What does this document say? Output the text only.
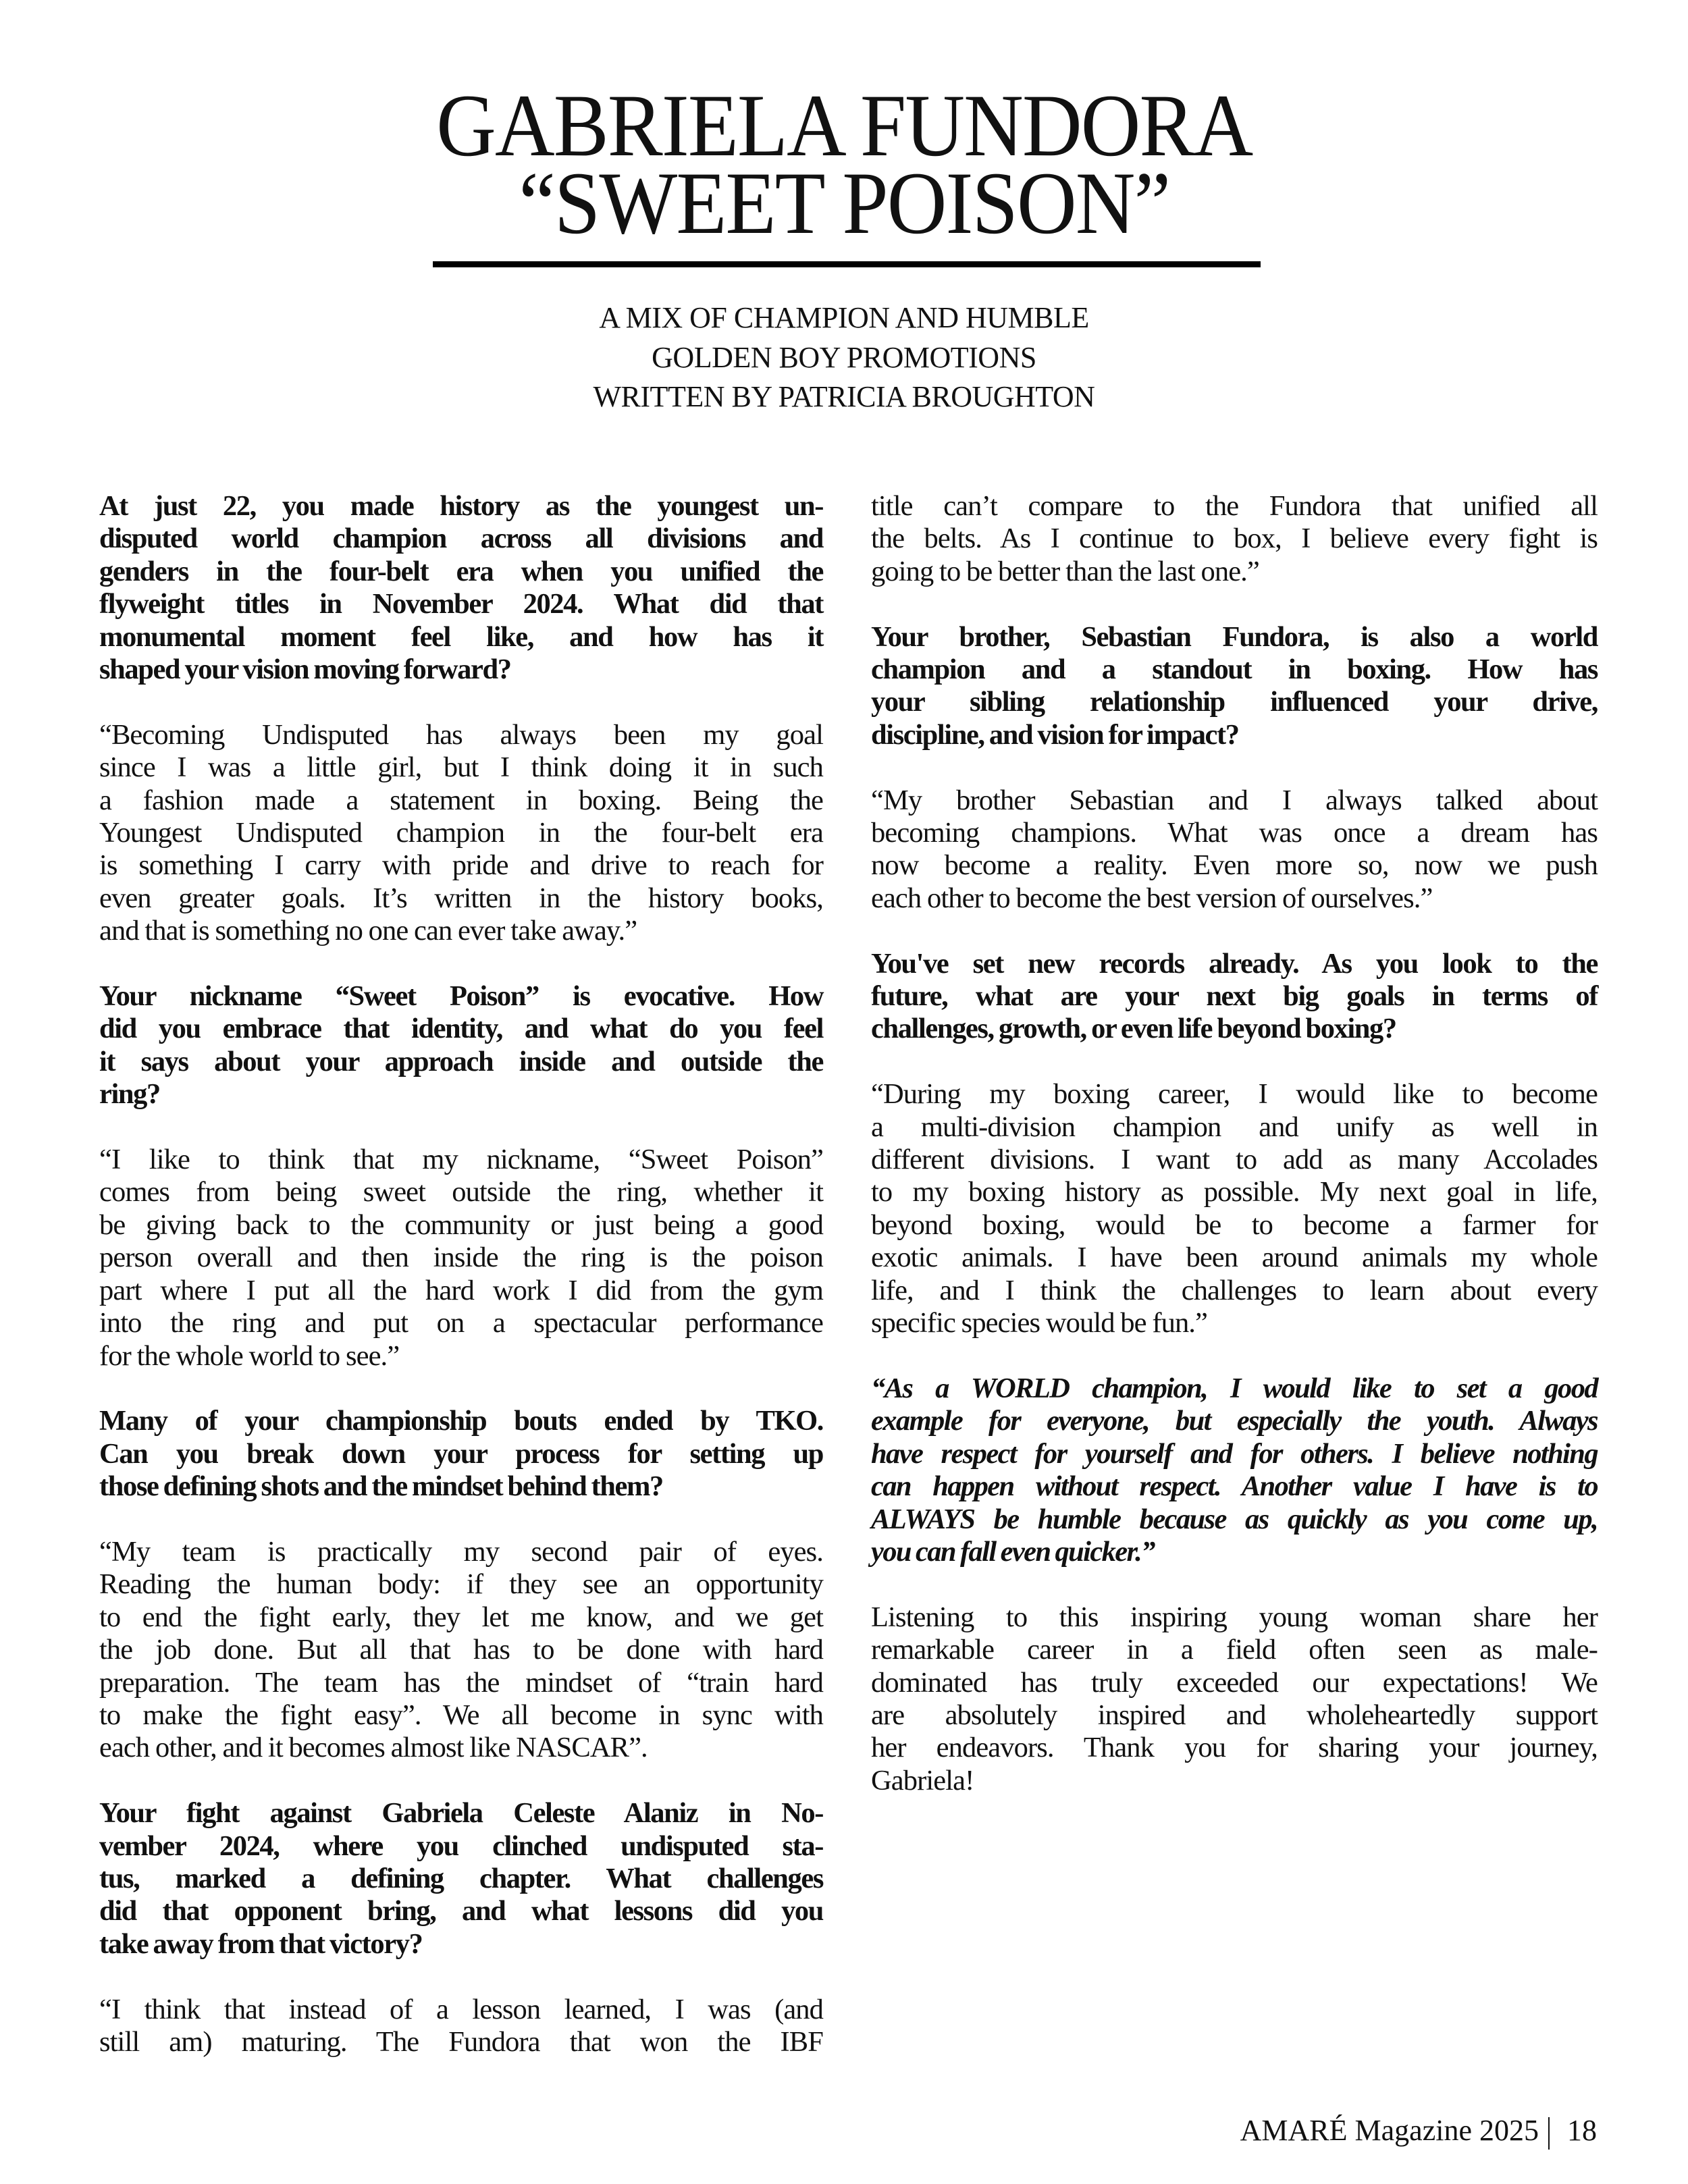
GABRIELA FUNDORA
“SWEET POISON”
A MIX OF CHAMPION AND HUMBLE
GOLDEN BOY PROMOTIONS
WRITTEN BY PATRICIA BROUGHTON
At just 22, you made history as the youngest un-
disputed world champion across all divisions and
genders in the four-belt era when you unified the
flyweight titles in November 2024. What did that
monumental moment feel like, and how has it
shaped your vision moving forward?
“Becoming Undisputed has always been my goal
since I was a little girl, but I think doing it in such
a fashion made a statement in boxing. Being the
Youngest Undisputed champion in the four-belt era
is something I carry with pride and drive to reach for
even greater goals. It’s written in the history books,
and that is something no one can ever take away.”
Your nickname “Sweet Poison” is evocative. How
did you embrace that identity, and what do you feel
it says about your approach inside and outside the
ring?
“I like to think that my nickname, “Sweet Poison”
comes from being sweet outside the ring, whether it
be giving back to the community or just being a good
person overall and then inside the ring is the poison
part where I put all the hard work I did from the gym
into the ring and put on a spectacular performance
for the whole world to see.”
Many of your championship bouts ended by TKO.
Can you break down your process for setting up
those defining shots and the mindset behind them?
“My team is practically my second pair of eyes.
Reading the human body: if they see an opportunity
to end the fight early, they let me know, and we get
the job done. But all that has to be done with hard
preparation. The team has the mindset of “train hard
to make the fight easy”. We all become in sync with
each other, and it becomes almost like NASCAR”.
Your fight against Gabriela Celeste Alaniz in No-
vember 2024, where you clinched undisputed sta-
tus, marked a defining chapter. What challenges
did that opponent bring, and what lessons did you
take away from that victory?
“I think that instead of a lesson learned, I was (and
still am) maturing. The Fundora that won the IBF
title can’t compare to the Fundora that unified all
the belts. As I continue to box, I believe every fight is
going to be better than the last one.”
Your brother, Sebastian Fundora, is also a world
champion and a standout in boxing. How has
your sibling relationship influenced your drive,
discipline, and vision for impact?
“My brother Sebastian and I always talked about
becoming champions. What was once a dream has
now become a reality. Even more so, now we push
each other to become the best version of ourselves.”
You've set new records already. As you look to the
future, what are your next big goals in terms of
challenges, growth, or even life beyond boxing?
“During my boxing career, I would like to become
a multi-division champion and unify as well in
different divisions. I want to add as many Accolades
to my boxing history as possible. My next goal in life,
beyond boxing, would be to become a farmer for
exotic animals. I have been around animals my whole
life, and I think the challenges to learn about every
specific species would be fun.”
“As a WORLD champion, I would like to set a good
example for everyone, but especially the youth. Always
have respect for yourself and for others. I believe nothing
can happen without respect. Another value I have is to
ALWAYS be humble because as quickly as you come up,
you can fall even quicker.”
Listening to this inspiring young woman share her
remarkable career in a field often seen as male-
dominated has truly exceeded our expectations! We
are absolutely inspired and wholeheartedly support
her endeavors. Thank you for sharing your journey,
Gabriela!
AMARÉ Magazine 2025 18
